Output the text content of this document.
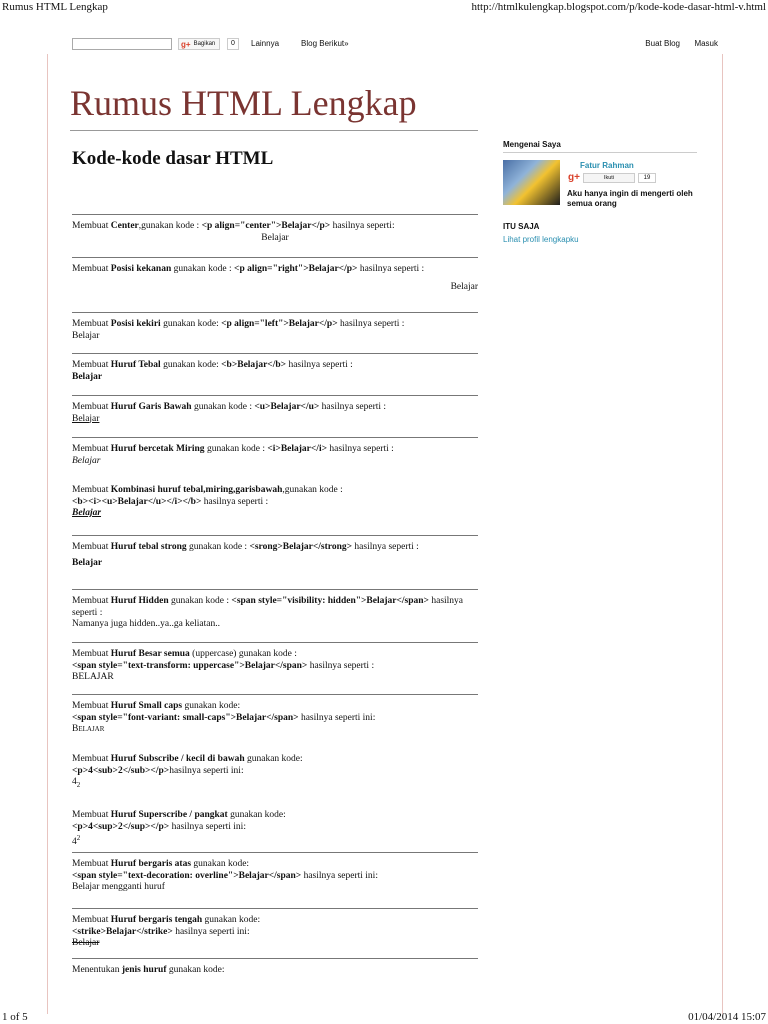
Rumus HTML Lengkap	http://htmlkulengkap.blogspot.com/p/kode-kode-dasar-html-v.html
g+ Bagikan	0	Lainnya	Blog Berikut»	Buat Blog Masuk
Rumus HTML Lengkap
Kode-kode dasar HTML
Membuat Center,gunakan kode : <p align="center">Belajar</p> hasilnya seperti:
Belajar
Membuat Posisi kekanan gunakan kode : <p align="right">Belajar</p> hasilnya seperti :
Belajar
Membuat Posisi kekiri gunakan kode: <p align="left">Belajar</p> hasilnya seperti :
Belajar
Membuat Huruf Tebal gunakan kode: <b>Belajar</b> hasilnya seperti :
Belajar
Membuat Huruf Garis Bawah gunakan kode : <u>Belajar</u> hasilnya seperti :
Belajar
Membuat Huruf bercetak Miring gunakan kode : <i>Belajar</i> hasilnya seperti :
Belajar
Membuat Kombinasi huruf tebal,miring,garisbawah,gunakan kode :
<b><i><u>Belajar</u></i></b> hasilnya seperti :
Belajar
Membuat Huruf tebal strong gunakan kode : <srong>Belajar</strong> hasilnya seperti :
Belajar
Membuat Huruf Hidden gunakan kode : <span style="visibility: hidden">Belajar</span> hasilnya seperti :
Namanya juga hidden..ya..ga keliatan..
Membuat Huruf Besar semua (uppercase) gunakan kode :
<span style="text-transform: uppercase">Belajar</span> hasilnya seperti :
BELAJAR
Membuat Huruf Small caps gunakan kode:
<span style="font-variant: small-caps">Belajar</span> hasilnya seperti ini:
Belajar
Membuat Huruf Subscribe / kecil di bawah gunakan kode:
<p>4<sub>2</sub></p>hasilnya seperti ini:
$4_2$
Membuat Huruf Superscribe / pangkat gunakan kode:
<p>4<sup>2</sup></p> hasilnya seperti ini:
$4^2$
Membuat Huruf bergaris atas gunakan kode:
<span style="text-decoration: overline">Belajar</span> hasilnya seperti ini:
Belajar mengganti huruf
Membuat Huruf bergaris tengah gunakan kode:
<strike>Belajar</strike> hasilnya seperti ini:
Belajar
Menentukan jenis huruf gunakan kode:
Mengenai Saya
Fatur Rahman
g+	Ikuti	19
Aku hanya ingin di mengerti oleh semua orang
ITU SAJA
Lihat profil lengkapku
1 of 5	01/04/2014 15:07
